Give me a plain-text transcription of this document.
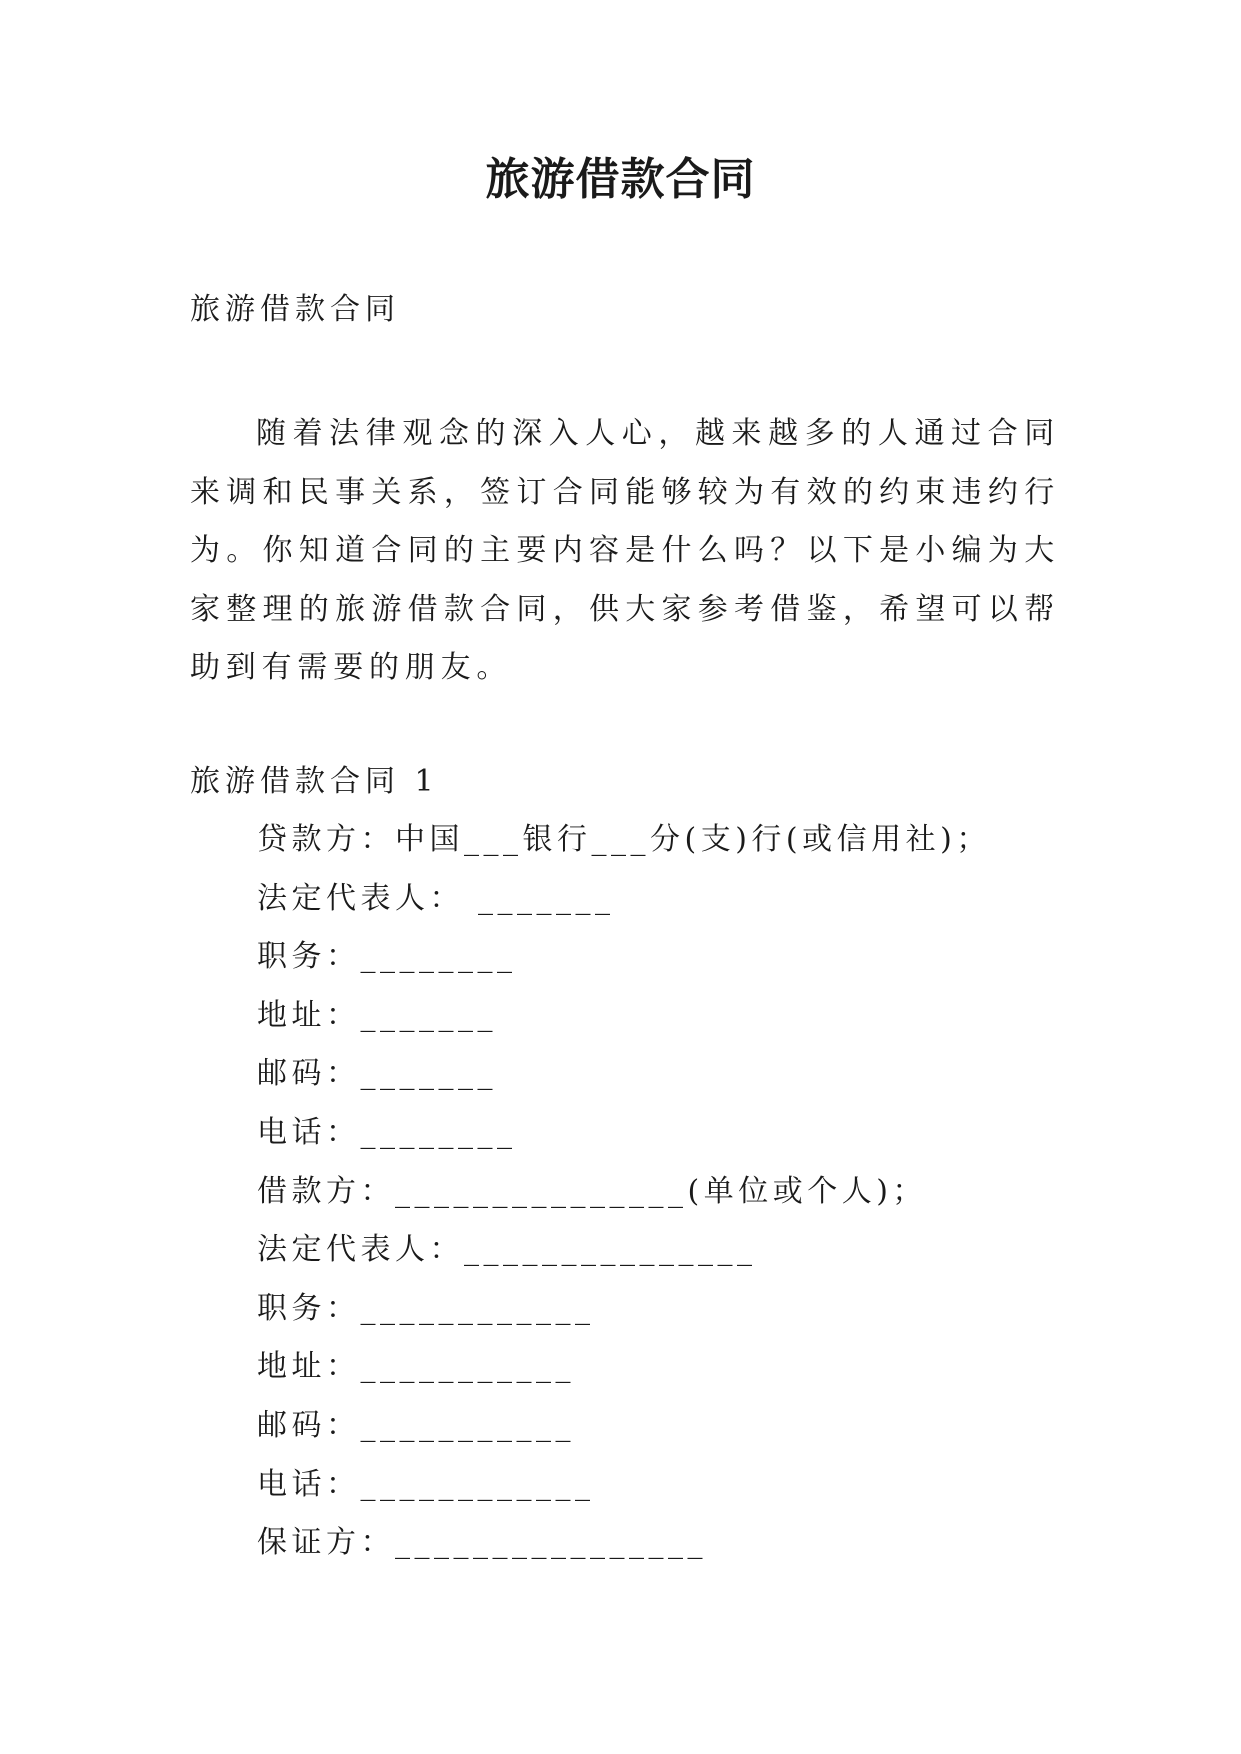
旅游借款合同
旅游借款合同

随着法律观念的深入人心，越来越多的人通过合同来调和民事关系，签订合同能够较为有效的约束违约行为。你知道合同的主要内容是什么吗？以下是小编为大家整理的旅游借款合同，供大家参考借鉴，希望可以帮助到有需要的朋友。

旅游借款合同 1
贷款方：中国___银行___分(支)行(或信用社)；
法定代表人： _______
职务：________
地址：_______
邮码：_______
电话：________
借款方：_______________(单位或个人)；
法定代表人：_______________
职务：____________
地址：___________
邮码：___________
电话：____________
保证方：________________
